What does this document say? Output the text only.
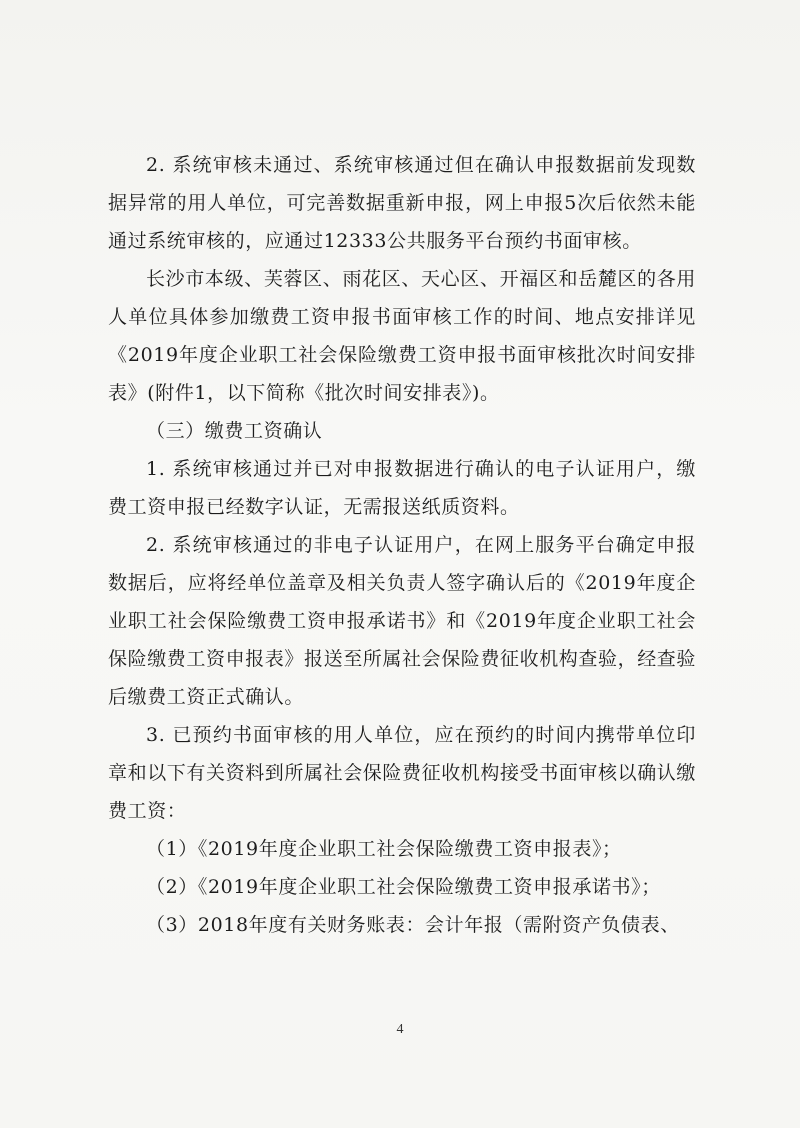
2. 系统审核未通过、系统审核通过但在确认申报数据前发现数据异常的用人单位，可完善数据重新申报，网上申报5次后依然未能通过系统审核的，应通过12333公共服务平台预约书面审核。

长沙市本级、芙蓉区、雨花区、天心区、开福区和岳麓区的各用人单位具体参加缴费工资申报书面审核工作的时间、地点安排详见《2019年度企业职工社会保险缴费工资申报书面审核批次时间安排表》(附件1，以下简称《批次时间安排表》)。

（三）缴费工资确认

1. 系统审核通过并已对申报数据进行确认的电子认证用户，缴费工资申报已经数字认证，无需报送纸质资料。

2. 系统审核通过的非电子认证用户，在网上服务平台确定申报数据后，应将经单位盖章及相关负责人签字确认后的《2019年度企业职工社会保险缴费工资申报承诺书》和《2019年度企业职工社会保险缴费工资申报表》报送至所属社会保险费征收机构查验，经查验后缴费工资正式确认。

3. 已预约书面审核的用人单位，应在预约的时间内携带单位印章和以下有关资料到所属社会保险费征收机构接受书面审核以确认缴费工资：

（1）《2019年度企业职工社会保险缴费工资申报表》；

（2）《2019年度企业职工社会保险缴费工资申报承诺书》；

（3）2018年度有关财务账表：会计年报（需附资产负债表、

4
